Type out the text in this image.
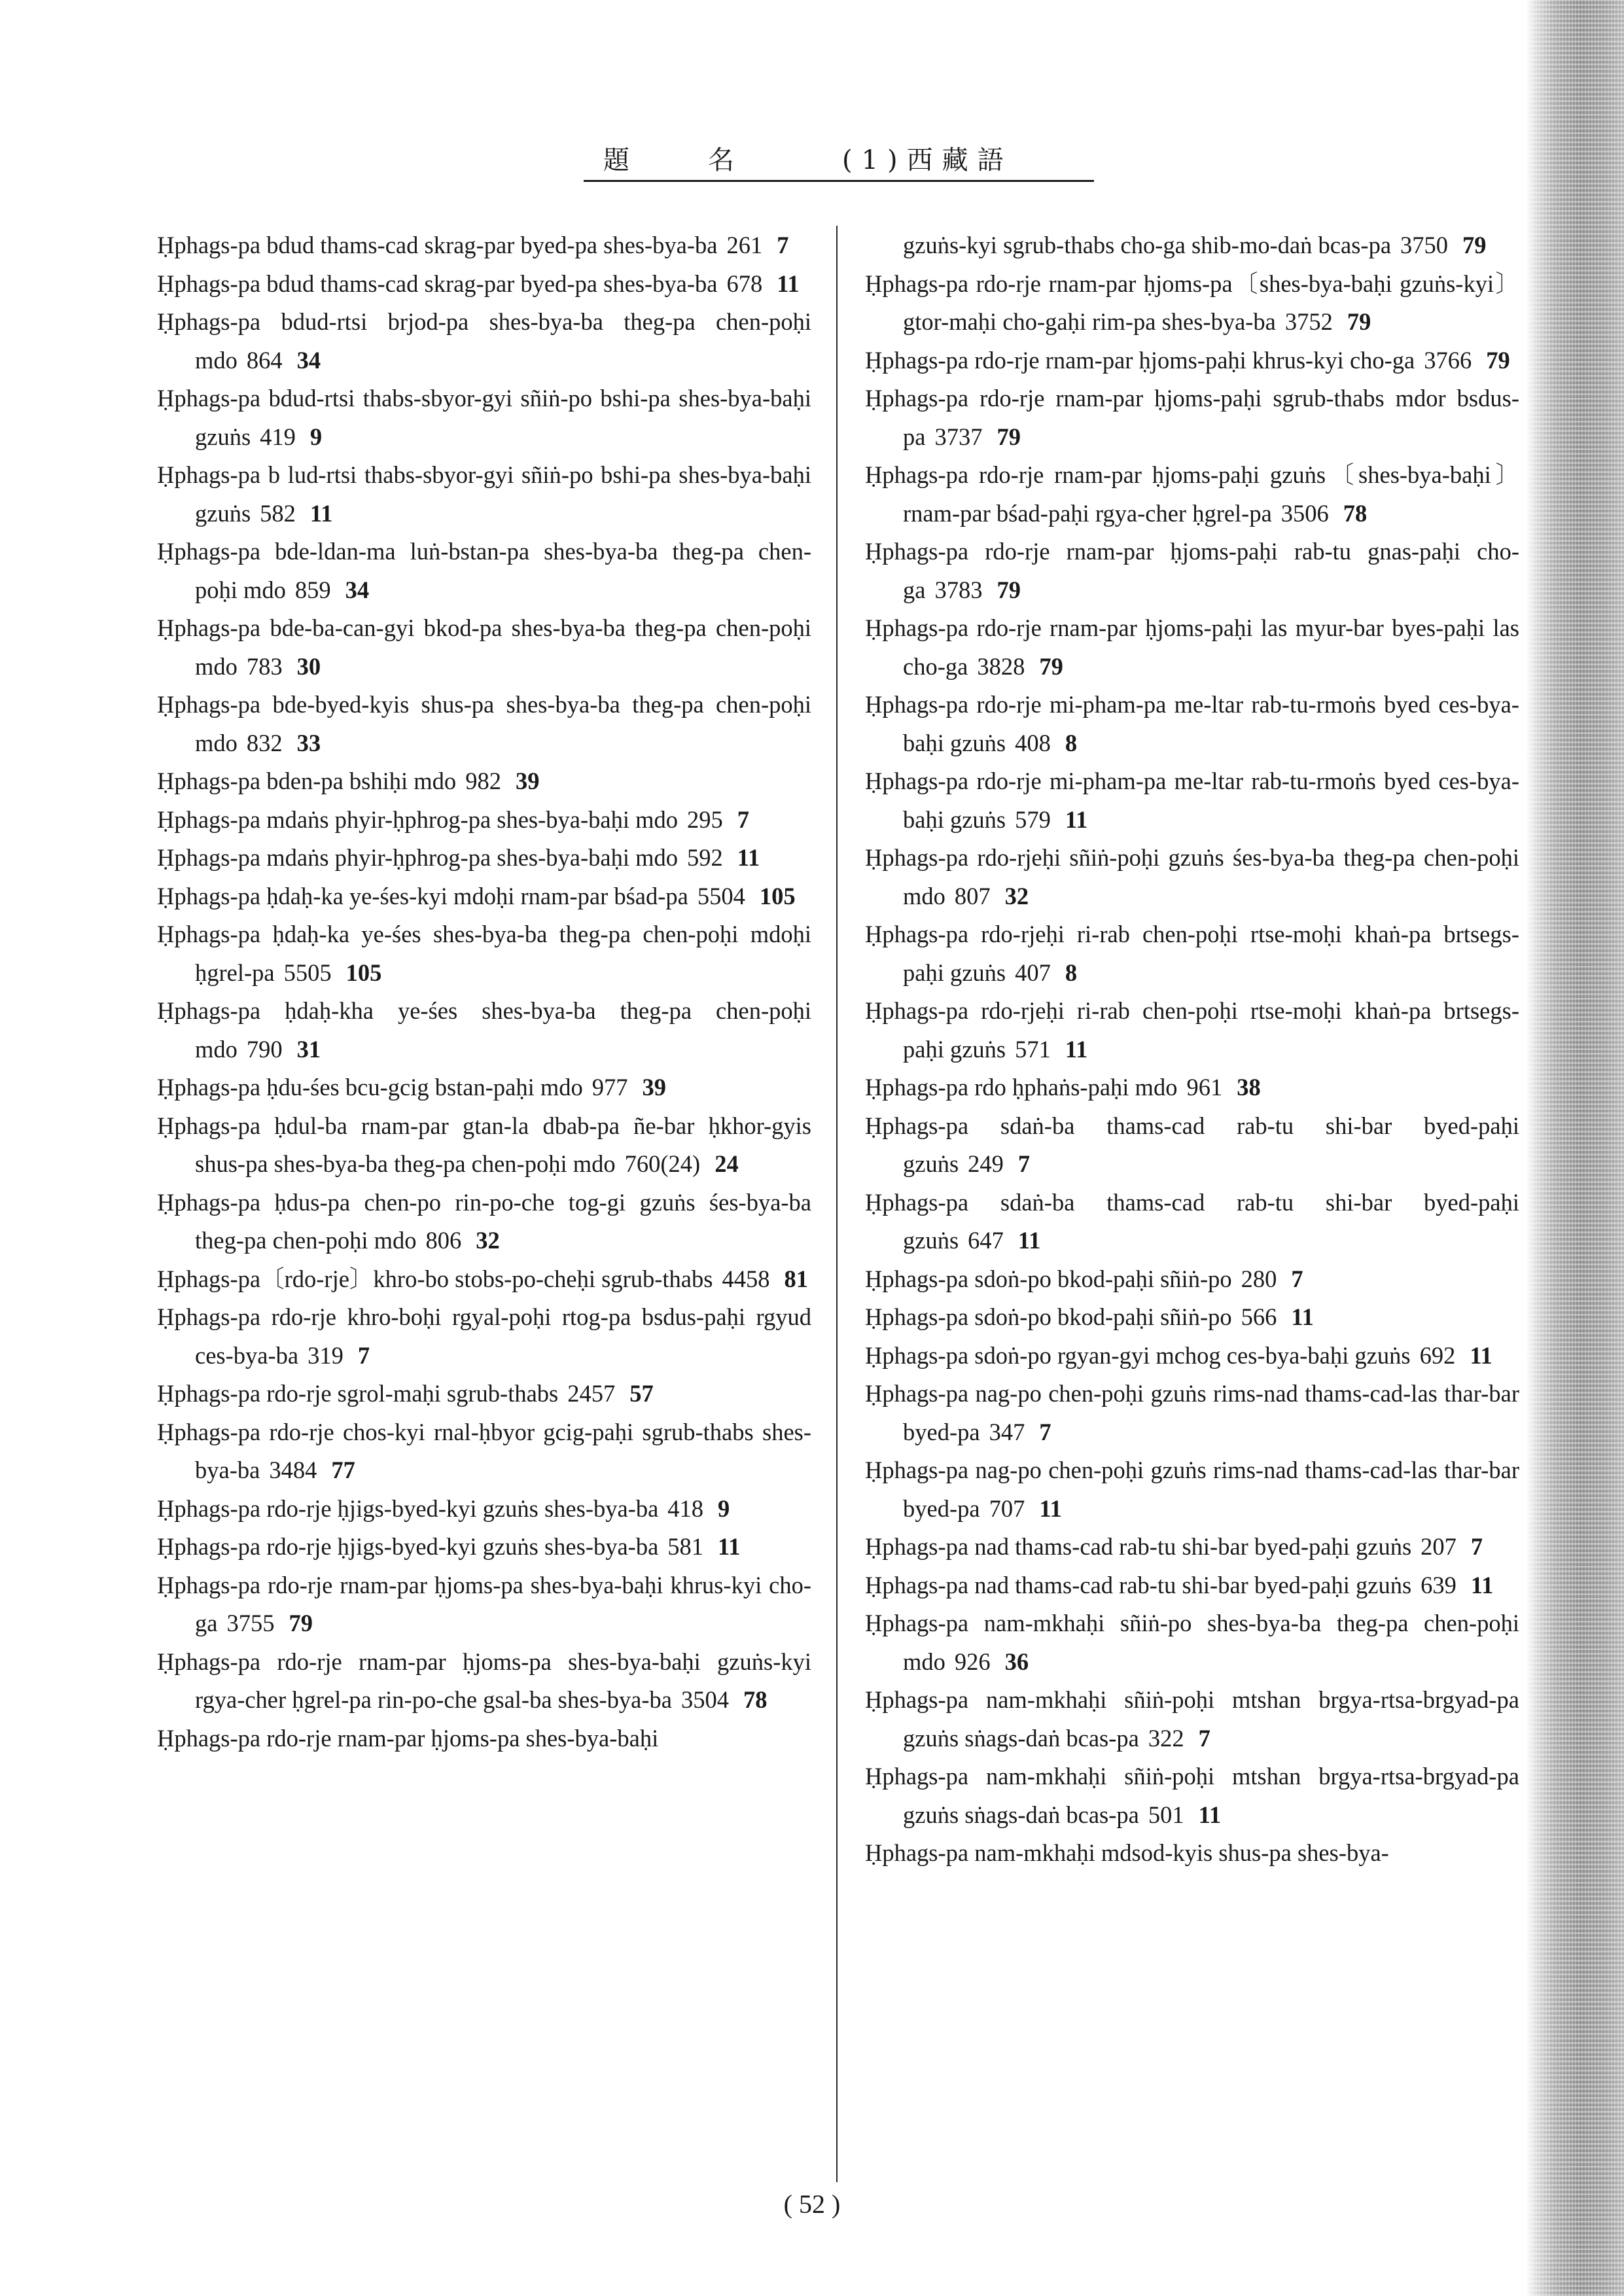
題名 (1)西藏語

Ḥphags-pa bdud thams-cad skrag-par byed-pa shes-bya-ba 261 7

Ḥphags-pa bdud thams-cad skrag-par byed-pa shes-bya-ba 678 11

Ḥphags-pa bdud-rtsi brjod-pa shes-bya-ba theg-pa chen-poḥi mdo 864 34

Ḥphags-pa bdud-rtsi thabs-sbyor-gyi sñiṅ-po bshi-pa shes-bya-baḥi gzuṅs 419 9

Ḥphags-pa b lud-rtsi thabs-sbyor-gyi sñiṅ-po bshi-pa shes-bya-baḥi gzuṅs 582 11

Ḥphags-pa bde-ldan-ma luṅ-bstan-pa shes-bya-ba theg-pa chen-poḥi mdo 859 34

Ḥphags-pa bde-ba-can-gyi bkod-pa shes-bya-ba theg-pa chen-poḥi mdo 783 30

Ḥphags-pa bde-byed-kyis shus-pa shes-bya-ba theg-pa chen-poḥi mdo 832 33

Ḥphags-pa bden-pa bshiḥi mdo 982 39

Ḥphags-pa mdaṅs phyir-ḥphrog-pa shes-bya-baḥi mdo 295 7

Ḥphags-pa mdaṅs phyir-ḥphrog-pa shes-bya-baḥi mdo 592 11

Ḥphags-pa ḥdaḥ-ka ye-śes-kyi mdoḥi rnam-par bśad-pa 5504 105

Ḥphags-pa ḥdaḥ-ka ye-śes shes-bya-ba theg-pa chen-poḥi mdoḥi ḥgrel-pa 5505 105

Ḥphags-pa ḥdaḥ-kha ye-śes shes-bya-ba theg-pa chen-poḥi mdo 790 31

Ḥphags-pa ḥdu-śes bcu-gcig bstan-paḥi mdo 977 39

Ḥphags-pa ḥdul-ba rnam-par gtan-la dbab-pa ñe-bar ḥkhor-gyis shus-pa shes-bya-ba theg-pa chen-poḥi mdo 760(24) 24

Ḥphags-pa ḥdus-pa chen-po rin-po-che tog-gi gzuṅs śes-bya-ba theg-pa chen-poḥi mdo 806 32

Ḥphags-pa〔rdo-rje〕khro-bo stobs-po-cheḥi sgrub-thabs 4458 81

Ḥphags-pa rdo-rje khro-boḥi rgyal-poḥi rtog-pa bsdus-paḥi rgyud ces-bya-ba 319 7

Ḥphags-pa rdo-rje sgrol-maḥi sgrub-thabs 2457 57

Ḥphags-pa rdo-rje chos-kyi rnal-ḥbyor gcig-paḥi sgrub-thabs shes-bya-ba 3484 77

Ḥphags-pa rdo-rje ḥjigs-byed-kyi gzuṅs shes-bya-ba 418 9

Ḥphags-pa rdo-rje ḥjigs-byed-kyi gzuṅs shes-bya-ba 581 11

Ḥphags-pa rdo-rje rnam-par ḥjoms-pa shes-bya-baḥi khrus-kyi cho-ga 3755 79

Ḥphags-pa rdo-rje rnam-par ḥjoms-pa shes-bya-baḥi gzuṅs-kyi rgya-cher ḥgrel-pa rin-po-che gsal-ba shes-bya-ba 3504 78

Ḥphags-pa rdo-rje rnam-par ḥjoms-pa shes-bya-baḥi

gzuṅs-kyi sgrub-thabs cho-ga shib-mo-daṅ bcas-pa 3750 79

Ḥphags-pa rdo-rje rnam-par ḥjoms-pa〔shes-bya-baḥi gzuṅs-kyi〕gtor-maḥi cho-gaḥi rim-pa shes-bya-ba 3752 79

Ḥphags-pa rdo-rje rnam-par ḥjoms-paḥi khrus-kyi cho-ga 3766 79

Ḥphags-pa rdo-rje rnam-par ḥjoms-paḥi sgrub-thabs mdor bsdus-pa 3737 79

Ḥphags-pa rdo-rje rnam-par ḥjoms-paḥi gzuṅs〔shes-bya-baḥi〕rnam-par bśad-paḥi rgya-cher ḥgrel-pa 3506 78

Ḥphags-pa rdo-rje rnam-par ḥjoms-paḥi rab-tu gnas-paḥi cho-ga 3783 79

Ḥphags-pa rdo-rje rnam-par ḥjoms-paḥi las myur-bar byes-paḥi las cho-ga 3828 79

Ḥphags-pa rdo-rje mi-pham-pa me-ltar rab-tu-rmoṅs byed ces-bya-baḥi gzuṅs 408 8

Ḥphags-pa rdo-rje mi-pham-pa me-ltar rab-tu-rmoṅs byed ces-bya-baḥi gzuṅs 579 11

Ḥphags-pa rdo-rjeḥi sñiṅ-poḥi gzuṅs śes-bya-ba theg-pa chen-poḥi mdo 807 32

Ḥphags-pa rdo-rjeḥi ri-rab chen-poḥi rtse-moḥi khaṅ-pa brtsegs-paḥi gzuṅs 407 8

Ḥphags-pa rdo-rjeḥi ri-rab chen-poḥi rtse-moḥi khaṅ-pa brtsegs-paḥi gzuṅs 571 11

Ḥphags-pa rdo ḥphaṅs-paḥi mdo 961 38

Ḥphags-pa sdaṅ-ba thams-cad rab-tu shi-bar byed-paḥi gzuṅs 249 7

Ḥphags-pa sdaṅ-ba thams-cad rab-tu shi-bar byed-paḥi gzuṅs 647 11

Ḥphags-pa sdoṅ-po bkod-paḥi sñiṅ-po 280 7

Ḥphags-pa sdoṅ-po bkod-paḥi sñiṅ-po 566 11

Ḥphags-pa sdoṅ-po rgyan-gyi mchog ces-bya-baḥi gzuṅs 692 11

Ḥphags-pa nag-po chen-poḥi gzuṅs rims-nad thams-cad-las thar-bar byed-pa 347 7

Ḥphags-pa nag-po chen-poḥi gzuṅs rims-nad thams-cad-las thar-bar byed-pa 707 11

Ḥphags-pa nad thams-cad rab-tu shi-bar byed-paḥi gzuṅs 207 7

Ḥphags-pa nad thams-cad rab-tu shi-bar byed-paḥi gzuṅs 639 11

Ḥphags-pa nam-mkhaḥi sñiṅ-po shes-bya-ba theg-pa chen-poḥi mdo 926 36

Ḥphags-pa nam-mkhaḥi sñiṅ-poḥi mtshan brgya-rtsa-brgyad-pa gzuṅs sṅags-daṅ bcas-pa 322 7

Ḥphags-pa nam-mkhaḥi sñiṅ-poḥi mtshan brgya-rtsa-brgyad-pa gzuṅs sṅags-daṅ bcas-pa 501 11

Ḥphags-pa nam-mkhaḥi mdsod-kyis shus-pa shes-bya-

( 52 )
